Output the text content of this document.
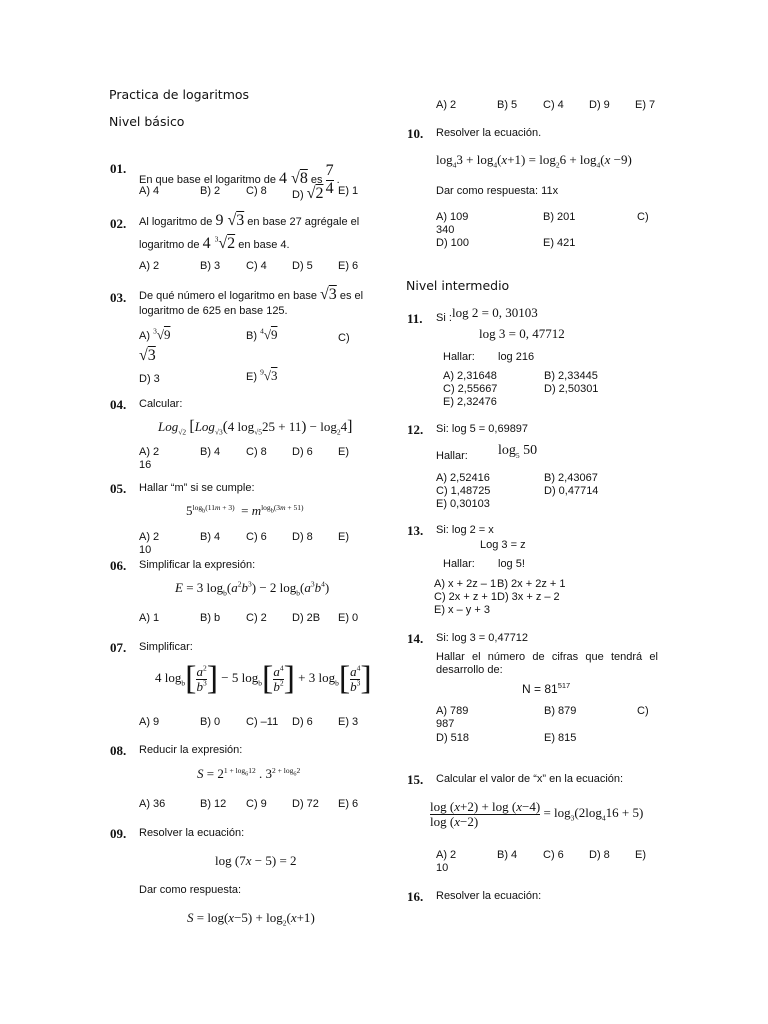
Practica de logaritmos
Nivel básico
01.
En que base el logaritmo de 4 √8 es $\frac{7}{4}$ .
A) 4	B) 2 C) 8 D) √2 E) 1
02. Al logaritmo de 9 √3 en base 27 agrégale el
logaritmo de 4 $^3$√2 en base 4.
A) 2	B) 3 C) 4 D) 5 E) 6
03. De qué número el logaritmo en base √3 es el
logaritmo de 625 en base 125.
A) $^3$√9	B) $^4$√9	C)
√3
D) 3	E) $^9$√3
04. Calcular:
Log$_{√2}$ [Log$_{√3}$(4 $\log_{√5}25 + 11) - \log_24$]
A) 2	B) 4 C) 8 D) 6 E)
16
05. Hallar “m” si se cumple:
$5^{log_b(11m + 3)} = m^{log_b(3m + 51)}$
A) 2	B) 4 C) 6 D) 8 E)
10
06. Simplificar la expresión:
E = 3 $\log_b(a^2b^3) - 2$ $\log_b(a^3b^4)$
A) 1	B) b C) 2 D) 2B E) 0
07. Simplificar:
4 $\log_b[ \frac{a^2}{b^3}$ ] − 5 $\log_b[ \frac{a^4}{b^2}$ ] + 3 $\log_b[ \frac{a^4}{b^3}$ ]
A) 9	B) 0 C) –11 D) 6 E) 3
08. Reducir la expresión:
$S = 2^{1 + log_612}$ . $3^{2 + log_62}$
A) 36	B) 12 C) 9 D) 72 E) 6
09. Resolver la ecuación:
log (7x − 5) = 2
Dar como respuesta:
$S = \log(x-5) + \log_2(x+1)$
A) 2	B) 5 C) 4 D) 9 E) 7
10. Resolver la ecuación.
$\log_43 + \log_4(x+1) = \log_26 + \log_4(x -9)$
Dar como respuesta: 11x
A) 109	B) 201	C)
340
D) 100	E) 421
Nivel intermedio
11. Si : log 2 = 0, 30103
log 3 = 0, 47712
Hallar: log 216
A) 2,31648	B) 2,33445
C) 2,55667	D) 2,50301
E) 2,32476
12. Si: log 5 = 0,69897
Hallar: $\log_5 50$
A) 2,52416	B) 2,43067
C) 1,48725	D) 0,47714
E) 0,30103
13. Si: log 2 = x
Log 3 = z
Hallar: log 5!
A) x + 2z – 1 B) 2x + 2z + 1
C) 2x + z + 1 D) 3x + z – 2
E) x – y + 3
14. Si: log 3 = 0,47712
Hallar el número de cifras que tendrá el desarrollo de:
$N = 81^{517}$
A) 789	B) 879	C)
987
D) 518	E) 815
15. Calcular el valor de “x” en la ecuación:
$\frac{\log (x+2) + \log (x-4)}{\log (x-2)} = \log_3(2\log_416 + 5)$
A) 2	B) 4 C) 6 D) 8 E)
10
16. Resolver la ecuación:
